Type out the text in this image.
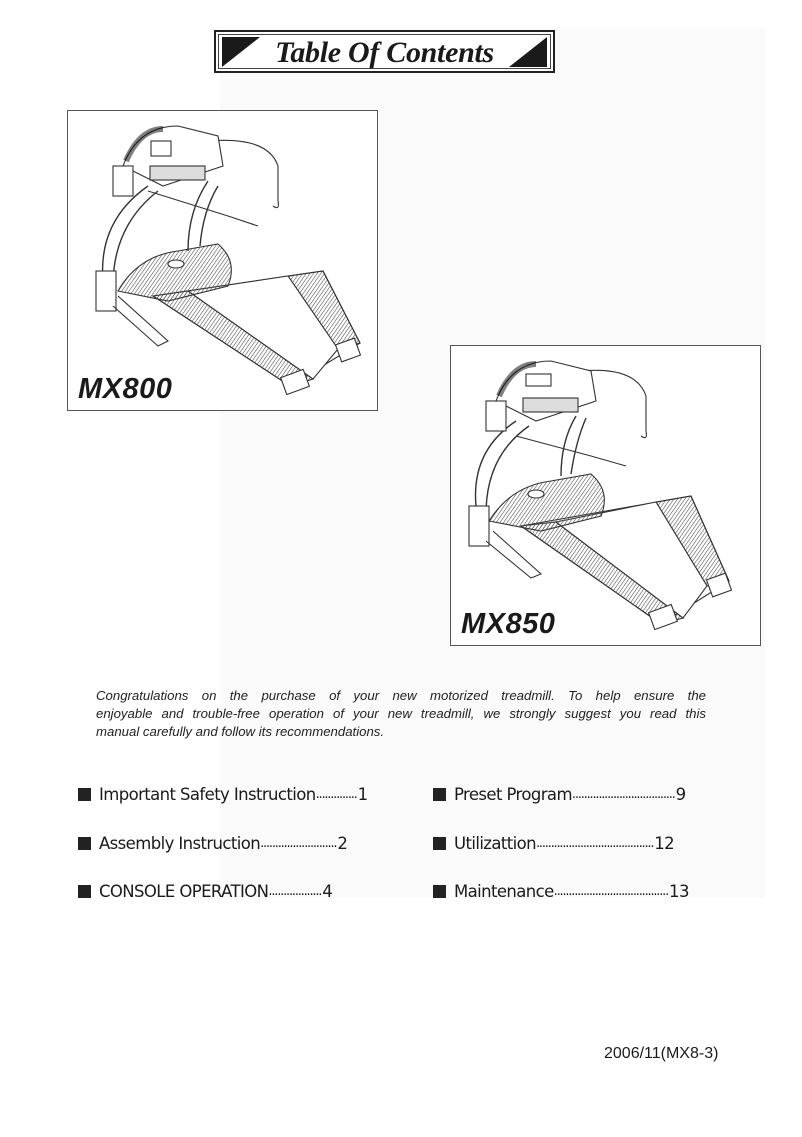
Table Of Contents
MX800
MX850

Congratulations on the purchase of your new motorized treadmill. To help ensure the

enjoyable and trouble-free operation of your new treadmill, we strongly suggest you read this

manual carefully and follow its recommendations.

Important Safety Instruction .............. 1
Assembly Instruction .......................... 2
CONSOLE OPERATION .................. 4
Preset Program ................................... 9
Utilizattion ........................................ 12
Maintenance ....................................... 13
2006/11(MX8-3)
